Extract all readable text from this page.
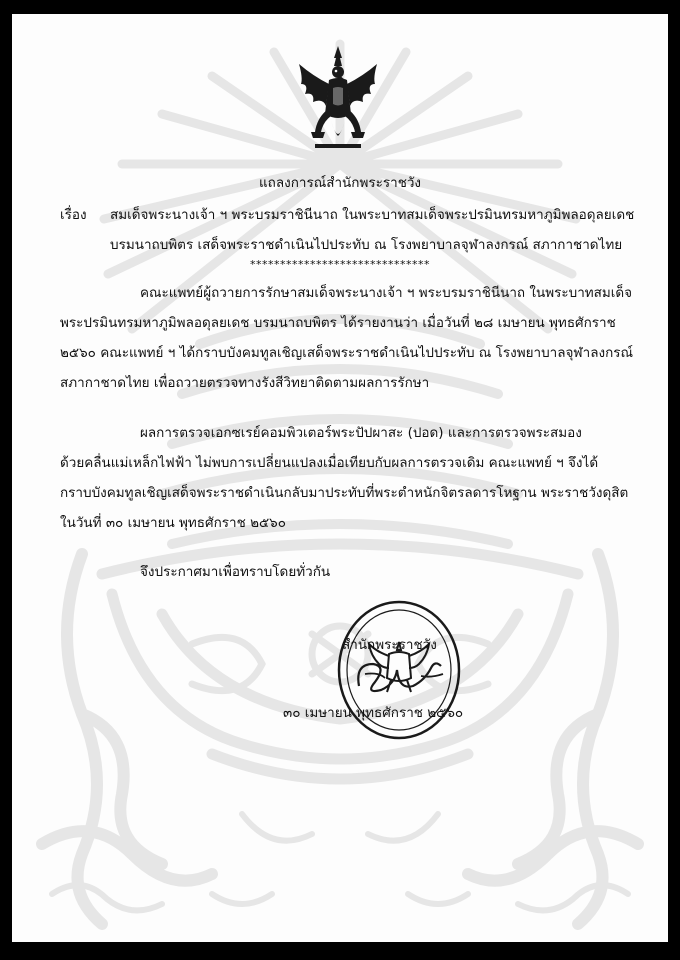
แถลงการณ์สำนักพระราชวัง
เรื่อง สมเด็จพระนางเจ้า ฯ พระบรมราชินีนาถ ในพระบาทสมเด็จพระปรมินทรมหาภูมิพลอดุลยเดช
บรมนาถบพิตร เสด็จพระราชดำเนินไปประทับ ณ โรงพยาบาลจุฬาลงกรณ์ สภากาชาดไทย
******************************
คณะแพทย์ผู้ถวายการรักษาสมเด็จพระนางเจ้า ฯ พระบรมราชินีนาถ ในพระบาทสมเด็จ
พระปรมินทรมหาภูมิพลอดุลยเดช บรมนาถบพิตร ได้รายงานว่า เมื่อวันที่ ๒๘ เมษายน พุทธศักราช
๒๕๖๐ คณะแพทย์ ฯ ได้กราบบังคมทูลเชิญเสด็จพระราชดำเนินไปประทับ ณ โรงพยาบาลจุฬาลงกรณ์
สภากาชาดไทย เพื่อถวายตรวจทางรังสีวิทยาติดตามผลการรักษา
ผลการตรวจเอกซเรย์คอมพิวเตอร์พระปัปผาสะ (ปอด) และการตรวจพระสมอง
ด้วยคลื่นแม่เหล็กไฟฟ้า ไม่พบการเปลี่ยนแปลงเมื่อเทียบกับผลการตรวจเดิม คณะแพทย์ ฯ จึงได้
กราบบังคมทูลเชิญเสด็จพระราชดำเนินกลับมาประทับที่พระตำหนักจิตรลดารโหฐาน พระราชวังดุสิต
ในวันที่ ๓๐ เมษายน พุทธศักราช ๒๕๖๐
จึงประกาศมาเพื่อทราบโดยทั่วกัน
สำนักพระราชวัง
๓๐ เมษายน พุทธศักราช ๒๕๖๐
